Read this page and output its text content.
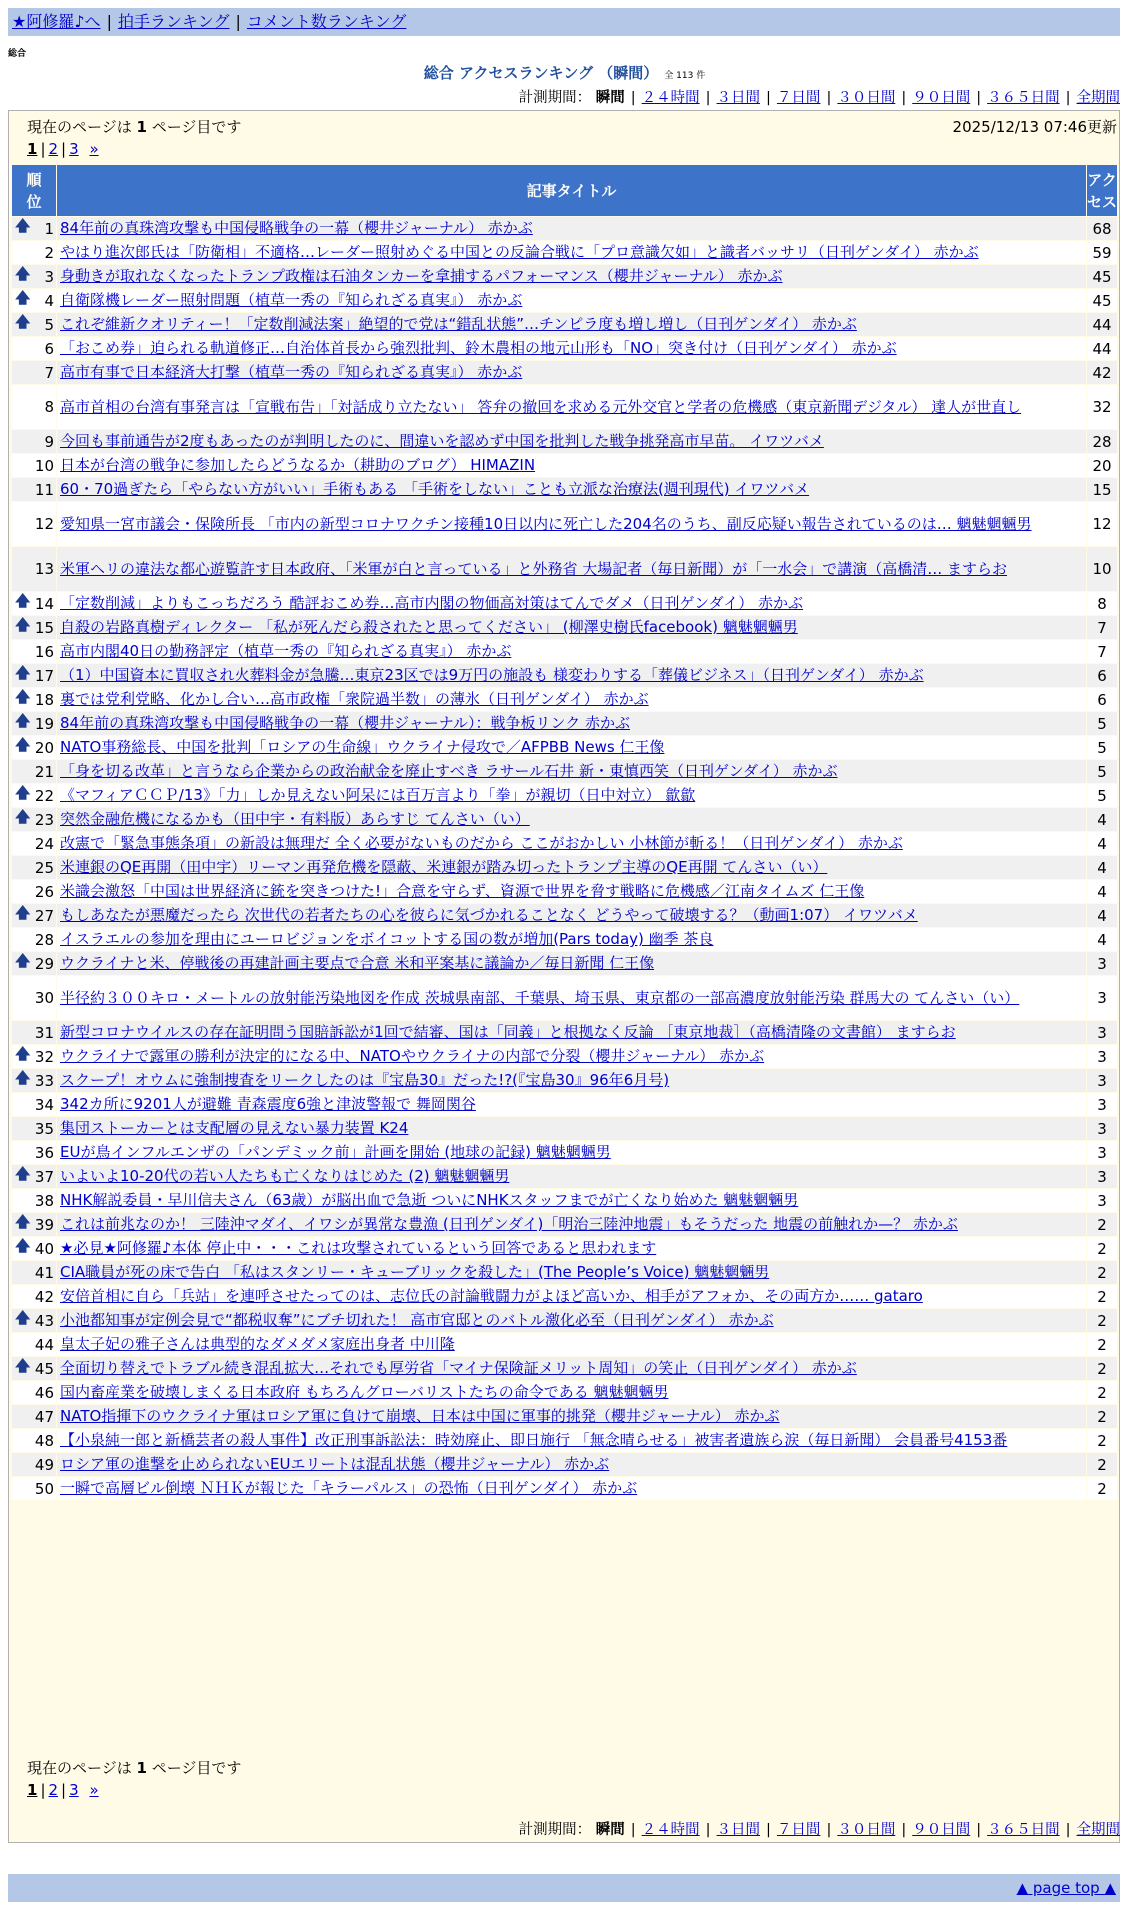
★阿修羅♪へ | 拍手ランキング | コメント数ランキング
総合
総合 アクセスランキング （瞬間） 全 113 件
計測期間： 瞬間 | ２４時間 | ３日間 | ７日間 | ３０日間 | ９０日間 | ３６５日間 | 全期間
現在のページは 1 ページ目です	2025/12/13 07:46更新
1 | 2 | 3 »
順
位	記事タイトル	アク
セス

🡅 1	84年前の真珠湾攻撃も中国侵略戦争の一幕（櫻井ジャーナル） 赤かぶ	68
2	やはり進次郎氏は「防衛相」不適格…レーダー照射めぐる中国との反論合戦に「プロ意識欠如」と識者バッサリ（日刊ゲンダイ） 赤かぶ	59

🡅 3	身動きが取れなくなったトランプ政権は石油タンカーを拿捕するパフォーマンス（櫻井ジャーナル） 赤かぶ	45

🡅 4	自衛隊機レーダー照射問題（植草一秀の『知られざる真実』） 赤かぶ	45

🡅 5	これぞ維新クオリティー！「定数削減法案」絶望的で党は“錯乱状態”…チンピラ度も増し増し（日刊ゲンダイ） 赤かぶ	44
6	「おこめ券」迫られる軌道修正…自治体首長から強烈批判、鈴木農相の地元山形も「NO」突き付け（日刊ゲンダイ） 赤かぶ	44
7	高市有事で日本経済大打撃（植草一秀の『知られざる真実』） 赤かぶ	42
8	高市首相の台湾有事発言は「宣戦布告」「対話成り立たない」 答弁の撤回を求める元外交官と学者の危機感（東京新聞デジタル） 達人が世直し	32
9	今回も事前通告が2度もあったのが判明したのに、間違いを認めず中国を批判した戦争挑発高市早苗。 イワツバメ	28
10	日本が台湾の戦争に参加したらどうなるか（耕助のブログ） HIMAZIN	20
11	60・70過ぎたら「やらない方がいい」手術もある 「手術をしない」ことも立派な治療法(週刊現代) イワツバメ	15
12	愛知県一宮市議会・保険所長 「市内の新型コロナワクチン接種10日以内に死亡した204名のうち、副反応疑い報告されているのは… 魑魅魍魎男	12
13	米軍ヘリの違法な都心遊覧許す日本政府、「米軍が白と言っている」と外務省 大場記者（毎日新聞）が「一水会」で講演（高橋清… ますらお	10

🡅 14	「定数削減」よりもこっちだろう 酷評おこめ券…高市内閣の物価高対策はてんでダメ（日刊ゲンダイ） 赤かぶ	8

🡅 15	自殺の岩路真樹ディレクター 「私が死んだら殺されたと思ってください」 (柳澤史樹氏facebook) 魑魅魍魎男	7
16	高市内閣40日の勤務評定（植草一秀の『知られざる真実』） 赤かぶ	7

🡅 17	（1）中国資本に買収され火葬料金が急騰…東京23区では9万円の施設も 様変わりする「葬儀ビジネス」（日刊ゲンダイ） 赤かぶ	6

🡅 18	裏では党利党略、化かし合い…高市政権「衆院過半数」の薄氷（日刊ゲンダイ） 赤かぶ	6

🡅 19	84年前の真珠湾攻撃も中国侵略戦争の一幕（櫻井ジャーナル）：戦争板リンク 赤かぶ	5

🡅 20	NATO事務総長、中国を批判「ロシアの生命線」ウクライナ侵攻で／AFPBB News 仁王像	5
21	「身を切る改革」と言うなら企業からの政治献金を廃止すべき ラサール石井 新・東慎西笑（日刊ゲンダイ） 赤かぶ	5

🡅 22	《マフィアＣＣＰ/13》「力」しか見えない阿呆には百万言より「拳」が親切（日中対立） 歙歙	5

🡅 23	突然金融危機になるかも（田中宇・有料版）あらすじ てんさい（い）	4
24	改憲で「緊急事態条項」の新設は無理だ 全く必要がないものだから ここがおかしい 小林節が斬る！（日刊ゲンダイ） 赤かぶ	4
25	米連銀のQE再開（田中宇）リーマン再発危機を隠蔽、米連銀が踏み切ったトランプ主導のQE再開 てんさい（い）	4
26	米識会激怒「中国は世界経済に銃を突きつけた!」合意を守らず、資源で世界を脅す戦略に危機感／江南タイムズ 仁王像	4

🡅 27	もしあなたが悪魔だったら 次世代の若者たちの心を彼らに気づかれることなく どうやって破壊する？（動画1:07） イワツバメ	4
28	イスラエルの参加を理由にユーロビジョンをボイコットする国の数が増加(Pars today) 幽季 茶良	4

🡅 29	ウクライナと米、停戦後の再建計画主要点で合意 米和平案基に議論か／毎日新聞 仁王像	3
30	半径約３００キロ・メートルの放射能汚染地図を作成 茨城県南部、千葉県、埼玉県、東京都の一部高濃度放射能汚染 群馬大の てんさい（い）	3
31	新型コロナウイルスの存在証明問う国賠訴訟が1回で結審、国は「同義」と根拠なく反論 ［東京地裁］（高橋清隆の文書館） ますらお	3

🡅 32	ウクライナで露軍の勝利が決定的になる中、NATOやウクライナの内部で分裂（櫻井ジャーナル） 赤かぶ	3

🡅 33	スクープ！オウムに強制捜査をリークしたのは『宝島30』だった!?(『宝島30』96年6月号)	3
34	342カ所に9201人が避難 青森震度6強と津波警報で 舞岡関谷	3
35	集団ストーカーとは支配層の見えない暴力装置 K24	3
36	EUが鳥インフルエンザの「パンデミック前」計画を開始 (地球の記録) 魑魅魍魎男	3

🡅 37	いよいよ10-20代の若い人たちも亡くなりはじめた (2) 魑魅魍魎男	3
38	NHK解説委員・早川信夫さん（63歳）が脳出血で急逝 ついにNHKスタッフまでが亡くなり始めた 魑魅魍魎男	3

🡅 39	これは前兆なのか！ 三陸沖マダイ、イワシが異常な豊漁 (日刊ゲンダイ)「明治三陸沖地震」もそうだった 地震の前触れか—？ 赤かぶ	2

🡅 40	★必見★阿修羅♪本体 停止中・・・これは攻撃されているという回答であると思われます	2
41	CIA職員が死の床で告白 「私はスタンリー・キューブリックを殺した」(The People’s Voice) 魑魅魍魎男	2
42	安倍首相に自ら「兵站」を連呼させたってのは、志位氏の討論戦闘力がよほど高いか、相手がアフォか、その両方か…… gataro	2

🡅 43	小池都知事が定例会見で“都税収奪”にブチ切れた！ 高市官邸とのバトル激化必至（日刊ゲンダイ） 赤かぶ	2
44	皇太子妃の雅子さんは典型的なダメダメ家庭出身者 中川隆	2

🡅 45	全面切り替えでトラブル続き混乱拡大…それでも厚労省「マイナ保険証メリット周知」の笑止（日刊ゲンダイ） 赤かぶ	2
46	国内畜産業を破壊しまくる日本政府 もちろんグローバリストたちの命令である 魑魅魍魎男	2
47	NATO指揮下のウクライナ軍はロシア軍に負けて崩壊、日本は中国に軍事的挑発（櫻井ジャーナル） 赤かぶ	2
48	【小泉純一郎と新橋芸者の殺人事件】改正刑事訴訟法：時効廃止、即日施行 「無念晴らせる」被害者遺族ら涙（毎日新聞） 会員番号4153番	2
49	ロシア軍の進撃を止められないEUエリートは混乱状態（櫻井ジャーナル） 赤かぶ	2
50	一瞬で高層ビル倒壊 ＮＨＫが報じた「キラーパルス」の恐怖（日刊ゲンダイ） 赤かぶ	2
現在のページは 1 ページ目です
1 | 2 | 3 »
計測期間： 瞬間 | ２４時間 | ３日間 | ７日間 | ３０日間 | ９０日間 | ３６５日間 | 全期間
▲ page top ▲
